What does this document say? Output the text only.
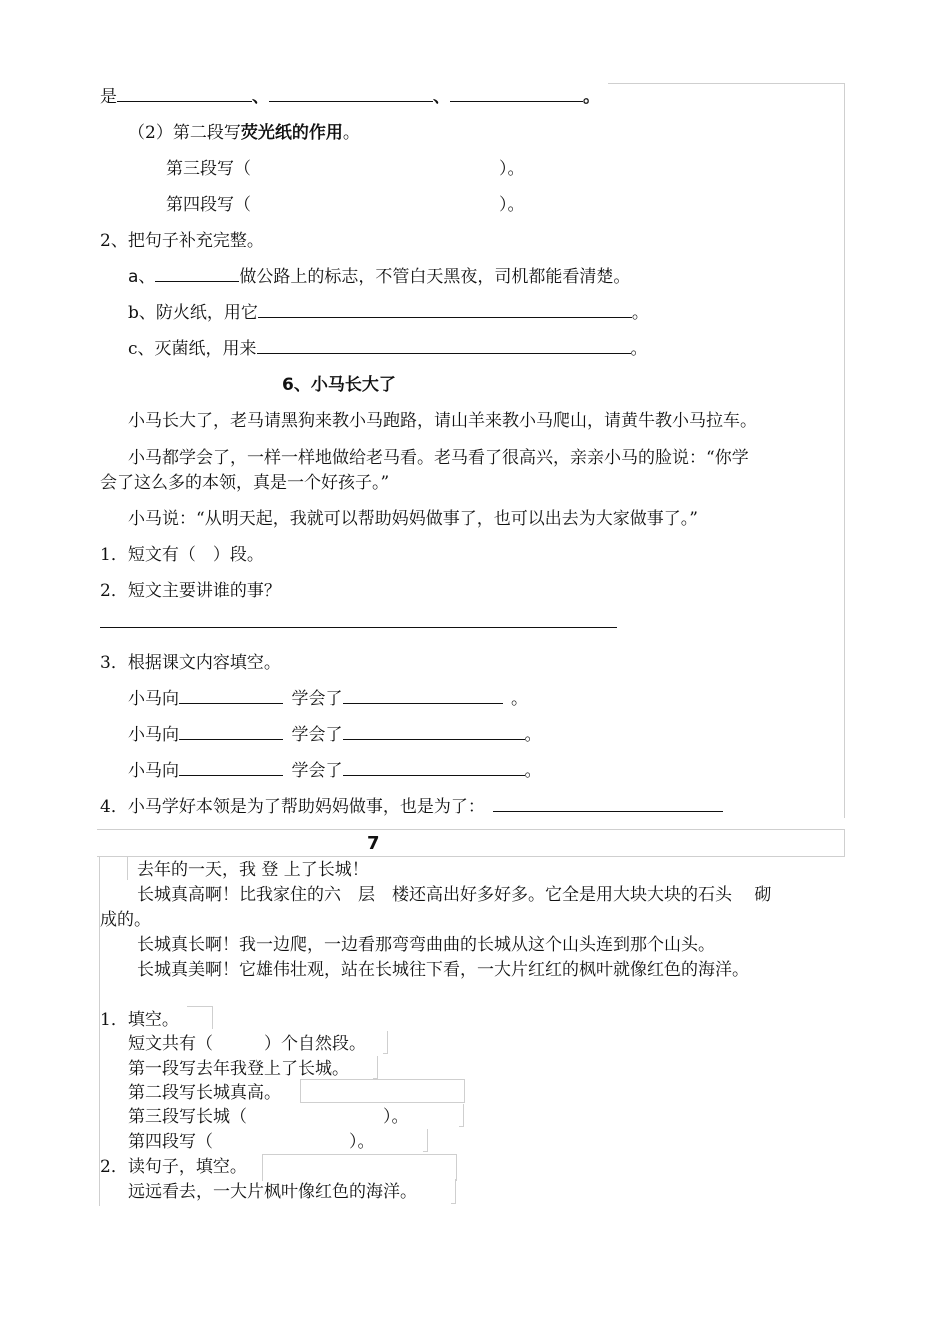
是	、	、	。
（2）第二段写荧光纸的作用。
第三段写（	）。
第四段写（	）。
2、把句子补充完整。
a、	做公路上的标志，不管白天黑夜，司机都能看清楚。
b、防火纸，用它	。
c、灭菌纸，用来	。
6、小马长大了
小马长大了，老马请黑狗来教小马跑路，请山羊来教小马爬山，请黄牛教小马拉车。
小马都学会了，一样一样地做给老马看。老马看了很高兴，亲亲小马的脸说：“你学
会了这么多的本领，真是一个好孩子。”
小马说：“从明天起，我就可以帮助妈妈做事了，也可以出去为大家做事了。”
1．短文有（　）段。
2．短文主要讲谁的事？
3．根据课文内容填空。
小马向 	学会了 	。
小马向 	学会了	。
小马向 	学会了	。
4．小马学好本领是为了帮助妈妈做事，也是为了：
7
去年的一天，我 登 上了长城！
长城真高啊！比我家住的六　层　楼还高出好多好多。它全是用大块大块的石头　 砌
成的。
长城真长啊！我一边爬，一边看那弯弯曲曲的长城从这个山头连到那个山头。
长城真美啊！它雄伟壮观，站在长城往下看，一大片红红的枫叶就像红色的海洋。
1．填空。
短文共有（　　　）个自然段。
第一段写去年我登上了长城。
第二段写长城真高。
第三段写长城（　　　　　　　　）。
第四段写（　　　　　　　　）。
2．读句子，填空。
远远看去，一大片枫叶像红色的海洋。
